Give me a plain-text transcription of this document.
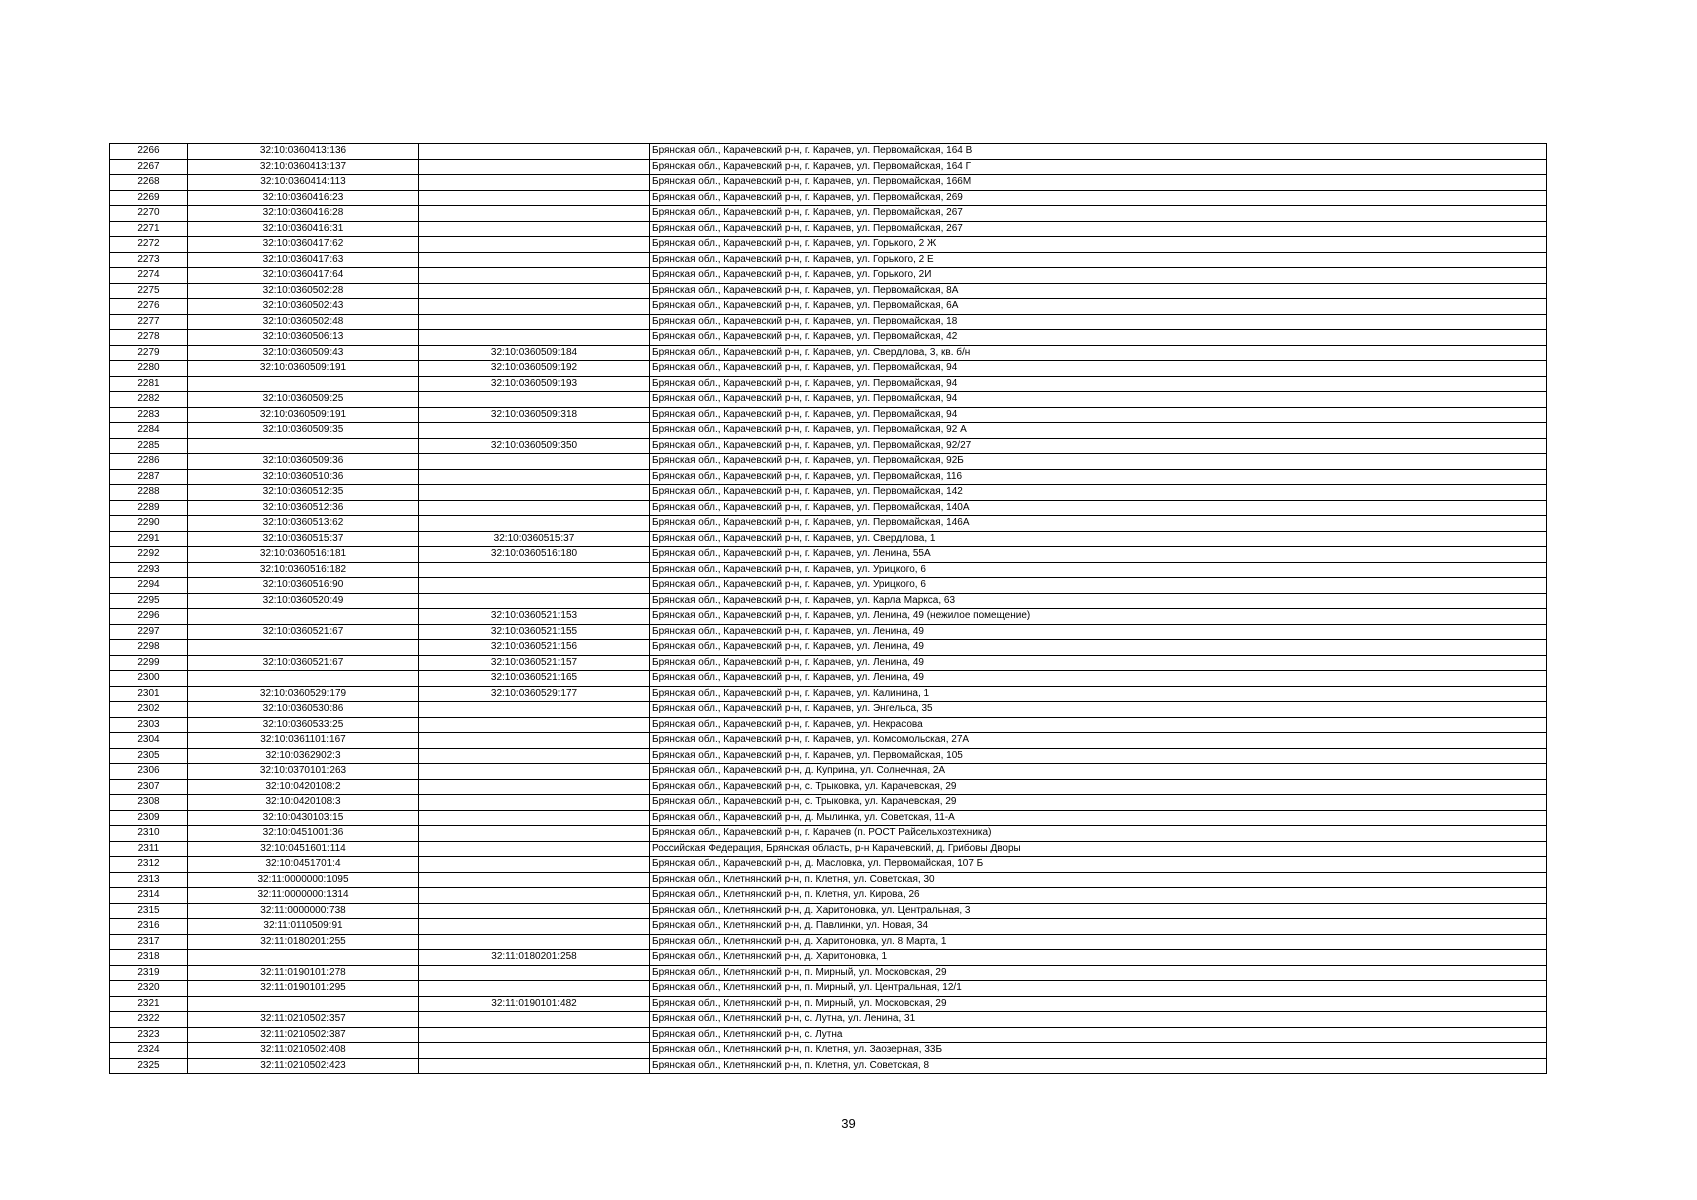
2266	32:10:0360413:136		Брянская обл., Карачевский р-н, г. Карачев, ул. Первомайская, 164 В
2267	32:10:0360413:137		Брянская обл., Карачевский р-н, г. Карачев, ул. Первомайская, 164 Г
2268	32:10:0360414:113		Брянская обл., Карачевский р-н, г. Карачев, ул. Первомайская, 166М
2269	32:10:0360416:23		Брянская обл., Карачевский р-н, г. Карачев, ул. Первомайская, 269
2270	32:10:0360416:28		Брянская обл., Карачевский р-н, г. Карачев, ул. Первомайская, 267
2271	32:10:0360416:31		Брянская обл., Карачевский р-н, г. Карачев, ул. Первомайская, 267
2272	32:10:0360417:62		Брянская обл., Карачевский р-н, г. Карачев, ул. Горького, 2 Ж
2273	32:10:0360417:63		Брянская обл., Карачевский р-н, г. Карачев, ул. Горького, 2 Е
2274	32:10:0360417:64		Брянская обл., Карачевский р-н, г. Карачев, ул. Горького, 2И
2275	32:10:0360502:28		Брянская обл., Карачевский р-н, г. Карачев, ул. Первомайская, 8А
2276	32:10:0360502:43		Брянская обл., Карачевский р-н, г. Карачев, ул. Первомайская, 6А
2277	32:10:0360502:48		Брянская обл., Карачевский р-н, г. Карачев, ул. Первомайская, 18
2278	32:10:0360506:13		Брянская обл., Карачевский р-н, г. Карачев, ул. Первомайская, 42
2279	32:10:0360509:43	32:10:0360509:184	Брянская обл., Карачевский р-н, г. Карачев, ул. Свердлова, 3, кв. б/н
2280	32:10:0360509:191	32:10:0360509:192	Брянская обл., Карачевский р-н, г. Карачев, ул. Первомайская, 94
2281		32:10:0360509:193	Брянская обл., Карачевский р-н, г. Карачев, ул. Первомайская, 94
2282	32:10:0360509:25		Брянская обл., Карачевский р-н, г. Карачев, ул. Первомайская, 94
2283	32:10:0360509:191	32:10:0360509:318	Брянская обл., Карачевский р-н, г. Карачев, ул. Первомайская, 94
2284	32:10:0360509:35		Брянская обл., Карачевский р-н, г. Карачев, ул. Первомайская, 92 А
2285		32:10:0360509:350	Брянская обл., Карачевский р-н, г. Карачев, ул. Первомайская, 92/27
2286	32:10:0360509:36		Брянская обл., Карачевский р-н, г. Карачев, ул. Первомайская, 92Б
2287	32:10:0360510:36		Брянская обл., Карачевский р-н, г. Карачев, ул. Первомайская, 116
2288	32:10:0360512:35		Брянская обл., Карачевский р-н, г. Карачев, ул. Первомайская, 142
2289	32:10:0360512:36		Брянская обл., Карачевский р-н, г. Карачев, ул. Первомайская, 140А
2290	32:10:0360513:62		Брянская обл., Карачевский р-н, г. Карачев, ул. Первомайская, 146А
2291	32:10:0360515:37	32:10:0360515:37	Брянская обл., Карачевский р-н, г. Карачев, ул. Свердлова, 1
2292	32:10:0360516:181	32:10:0360516:180	Брянская обл., Карачевский р-н, г. Карачев, ул. Ленина, 55А
2293	32:10:0360516:182		Брянская обл., Карачевский р-н, г. Карачев, ул. Урицкого, 6
2294	32:10:0360516:90		Брянская обл., Карачевский р-н, г. Карачев, ул. Урицкого, 6
2295	32:10:0360520:49		Брянская обл., Карачевский р-н, г. Карачев, ул. Карла Маркса, 63
2296		32:10:0360521:153	Брянская обл., Карачевский р-н, г. Карачев, ул. Ленина, 49 (нежилое помещение)
2297	32:10:0360521:67	32:10:0360521:155	Брянская обл., Карачевский р-н, г. Карачев, ул. Ленина, 49
2298		32:10:0360521:156	Брянская обл., Карачевский р-н, г. Карачев, ул. Ленина, 49
2299	32:10:0360521:67	32:10:0360521:157	Брянская обл., Карачевский р-н, г. Карачев, ул. Ленина, 49
2300		32:10:0360521:165	Брянская обл., Карачевский р-н, г. Карачев, ул. Ленина, 49
2301	32:10:0360529:179	32:10:0360529:177	Брянская обл., Карачевский р-н, г. Карачев, ул. Калинина, 1
2302	32:10:0360530:86		Брянская обл., Карачевский р-н, г. Карачев, ул. Энгельса, 35
2303	32:10:0360533:25		Брянская обл., Карачевский р-н, г. Карачев, ул. Некрасова
2304	32:10:0361101:167		Брянская обл., Карачевский р-н, г. Карачев, ул. Комсомольская, 27А
2305	32:10:0362902:3		Брянская обл., Карачевский р-н, г. Карачев, ул. Первомайская, 105
2306	32:10:0370101:263		Брянская обл., Карачевский р-н, д. Куприна, ул. Солнечная, 2А
2307	32:10:0420108:2		Брянская обл., Карачевский р-н, с. Трыковка, ул. Карачевская, 29
2308	32:10:0420108:3		Брянская обл., Карачевский р-н, с. Трыковка, ул. Карачевская, 29
2309	32:10:0430103:15		Брянская обл., Карачевский р-н, д. Мылинка, ул. Советская, 11-А
2310	32:10:0451001:36		Брянская обл., Карачевский р-н, г. Карачев (п. РОСТ Райсельхозтехника)
2311	32:10:0451601:114		Российская Федерация, Брянская область, р-н Карачевский, д. Грибовы Дворы
2312	32:10:0451701:4		Брянская обл., Карачевский р-н, д. Масловка, ул. Первомайская, 107 Б
2313	32:11:0000000:1095		Брянская обл., Клетнянский р-н, п. Клетня, ул. Советская, 30
2314	32:11:0000000:1314		Брянская обл., Клетнянский р-н, п. Клетня, ул. Кирова, 26
2315	32:11:0000000:738		Брянская обл., Клетнянский р-н, д. Харитоновка, ул. Центральная, 3
2316	32:11:0110509:91		Брянская обл., Клетнянский р-н, д. Павлинки, ул. Новая, 34
2317	32:11:0180201:255		Брянская обл., Клетнянский р-н, д. Харитоновка, ул. 8 Марта, 1
2318		32:11:0180201:258	Брянская обл., Клетнянский р-н, д. Харитоновка, 1
2319	32:11:0190101:278		Брянская обл., Клетнянский р-н, п. Мирный, ул. Московская, 29
2320	32:11:0190101:295		Брянская обл., Клетнянский р-н, п. Мирный, ул. Центральная, 12/1
2321		32:11:0190101:482	Брянская обл., Клетнянский р-н, п. Мирный, ул. Московская, 29
2322	32:11:0210502:357		Брянская обл., Клетнянский р-н, с. Лутна, ул. Ленина, 31
2323	32:11:0210502:387		Брянская обл., Клетнянский р-н, с. Лутна
2324	32:11:0210502:408		Брянская обл., Клетнянский р-н, п. Клетня, ул. Заозерная, 33Б
2325	32:11:0210502:423		Брянская обл., Клетнянский р-н, п. Клетня, ул. Советская, 8
39
